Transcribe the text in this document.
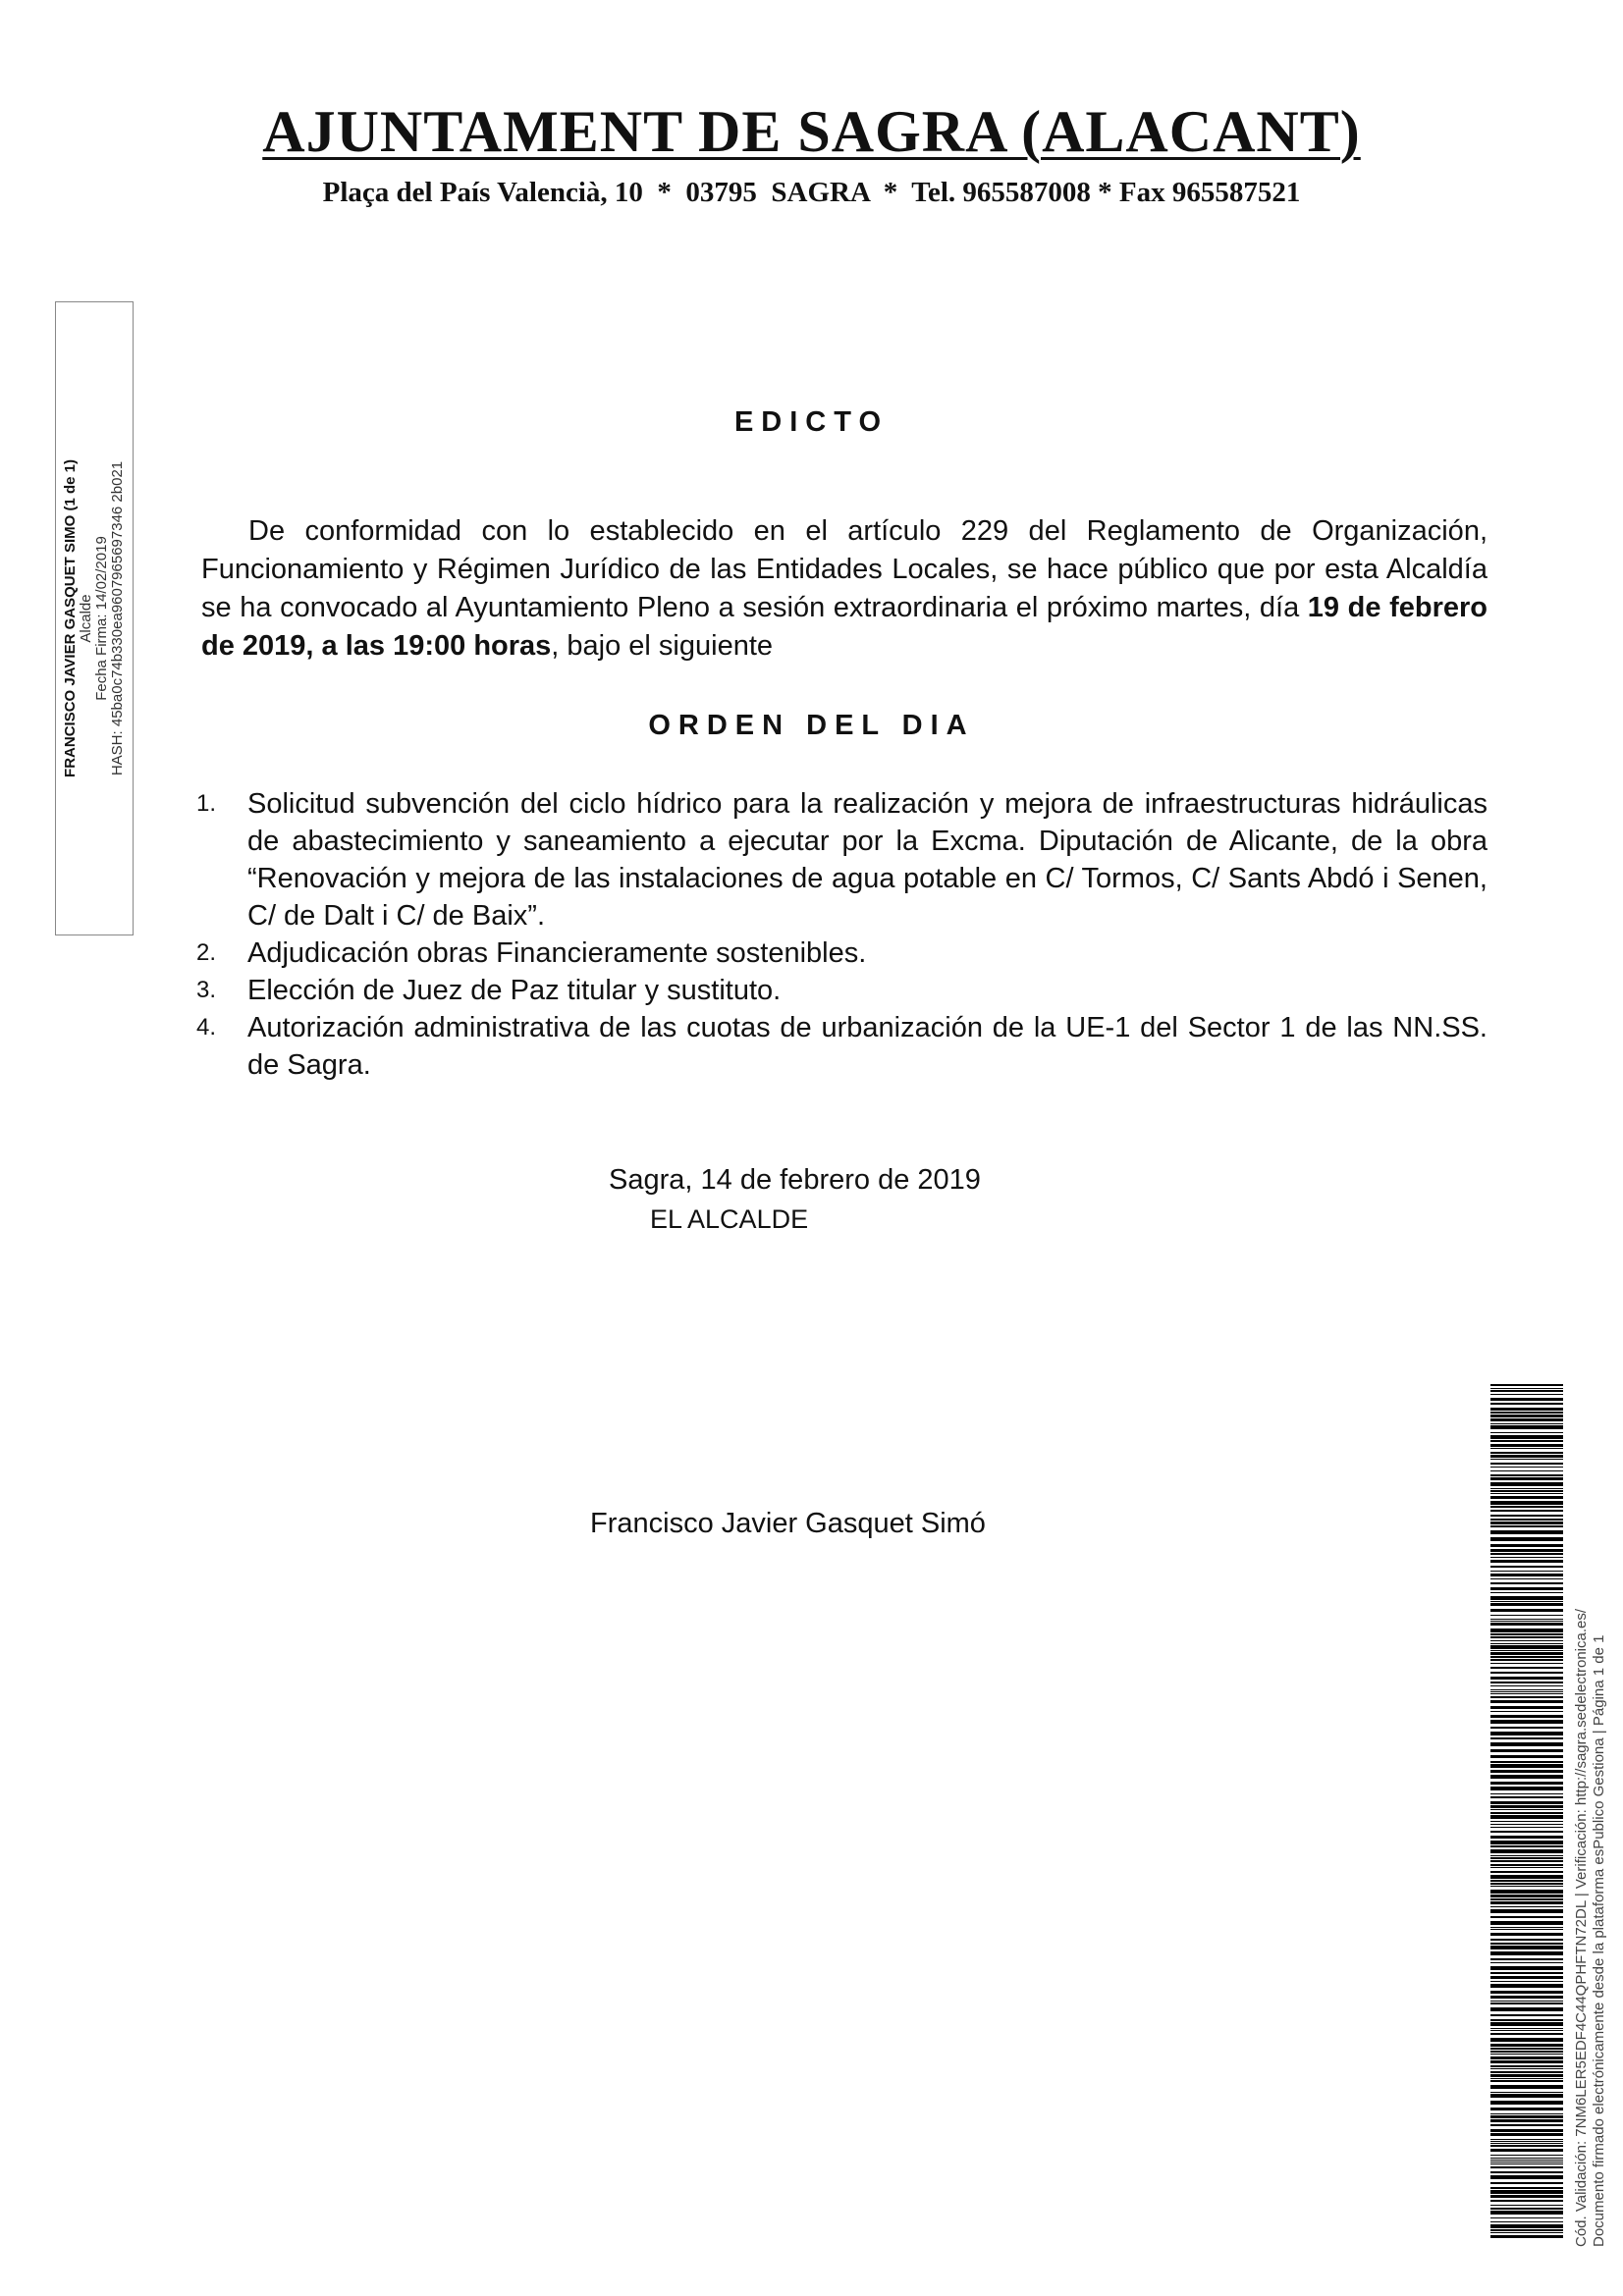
AJUNTAMENT DE SAGRA (ALACANT)
Plaça del País Valencià, 10  *  03795  SAGRA  *  Tel. 965587008 * Fax 965587521
FRANCISCO JAVIER GASQUET SIMO (1 de 1) Alcalde Fecha Firma: 14/02/2019 HASH: 45ba0c74b330ea9607965697346 2b021
EDICTO

De conformidad con lo establecido en el artículo 229 del Reglamento de Organización, Funcionamiento y Régimen Jurídico de las Entidades Locales, se hace público que por esta Alcaldía se ha convocado al Ayuntamiento Pleno a sesión extraordinaria el próximo martes, día 19 de febrero de 2019, a las 19:00 horas, bajo el siguiente

ORDEN DEL DIA
1. Solicitud subvención del ciclo hídrico para la realización y mejora de infraestructuras hidráulicas de abastecimiento y saneamiento a ejecutar por la Excma. Diputación de Alicante, de la obra “Renovación y mejora de las instalaciones de agua potable en C/ Tormos, C/ Sants Abdó i Senen, C/ de Dalt i C/ de Baix”.
2. Adjudicación obras Financieramente sostenibles.
3. Elección de Juez de Paz titular y sustituto.
4. Autorización administrativa de las cuotas de urbanización de la UE-1 del Sector 1 de las NN.SS. de Sagra.
Sagra, 14 de febrero de 2019
EL ALCALDE
Francisco Javier Gasquet Simó
Cód. Validación: 7NM6LER5EDF4C44QPHFTN72DL | Verificación: http://sagra.sedelectronica.es/ Documento firmado electrónicamente desde la plataforma esPublico Gestiona | Página 1 de 1
